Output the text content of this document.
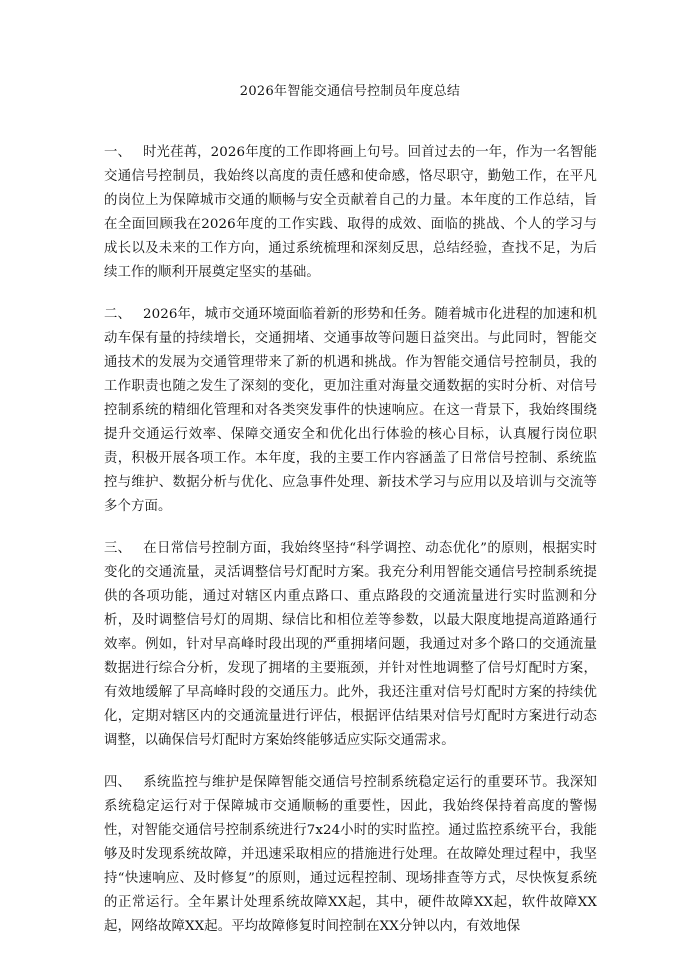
2026年智能交通信号控制员年度总结

一、 时光荏苒，2026年度的工作即将画上句号。回首过去的一年，作为一名智能交通信号控制员，我始终以高度的责任感和使命感，恪尽职守，勤勉工作，在平凡的岗位上为保障城市交通的顺畅与安全贡献着自己的力量。本年度的工作总结，旨在全面回顾我在2026年度的工作实践、取得的成效、面临的挑战、个人的学习与成长以及未来的工作方向，通过系统梳理和深刻反思，总结经验，查找不足，为后续工作的顺利开展奠定坚实的基础。

二、 2026年，城市交通环境面临着新的形势和任务。随着城市化进程的加速和机动车保有量的持续增长，交通拥堵、交通事故等问题日益突出。与此同时，智能交通技术的发展为交通管理带来了新的机遇和挑战。作为智能交通信号控制员，我的工作职责也随之发生了深刻的变化，更加注重对海量交通数据的实时分析、对信号控制系统的精细化管理和对各类突发事件的快速响应。在这一背景下，我始终围绕提升交通运行效率、保障交通安全和优化出行体验的核心目标，认真履行岗位职责，积极开展各项工作。本年度，我的主要工作内容涵盖了日常信号控制、系统监控与维护、数据分析与优化、应急事件处理、新技术学习与应用以及培训与交流等多个方面。

三、 在日常信号控制方面，我始终坚持“科学调控、动态优化”的原则，根据实时变化的交通流量，灵活调整信号灯配时方案。我充分利用智能交通信号控制系统提供的各项功能，通过对辖区内重点路口、重点路段的交通流量进行实时监测和分析，及时调整信号灯的周期、绿信比和相位差等参数，以最大限度地提高道路通行效率。例如，针对早高峰时段出现的严重拥堵问题，我通过对多个路口的交通流量数据进行综合分析，发现了拥堵的主要瓶颈，并针对性地调整了信号灯配时方案，有效地缓解了早高峰时段的交通压力。此外，我还注重对信号灯配时方案的持续优化，定期对辖区内的交通流量进行评估，根据评估结果对信号灯配时方案进行动态调整，以确保信号灯配时方案始终能够适应实际交通需求。

四、 系统监控与维护是保障智能交通信号控制系统稳定运行的重要环节。我深知系统稳定运行对于保障城市交通顺畅的重要性，因此，我始终保持着高度的警惕性，对智能交通信号控制系统进行7x24小时的实时监控。通过监控系统平台，我能够及时发现系统故障，并迅速采取相应的措施进行处理。在故障处理过程中，我坚持“快速响应、及时修复”的原则，通过远程控制、现场排查等方式，尽快恢复系统的正常运行。全年累计处理系统故障XX起，其中，硬件故障XX起，软件故障XX起，网络故障XX起。平均故障修复时间控制在XX分钟以内，有效地保
